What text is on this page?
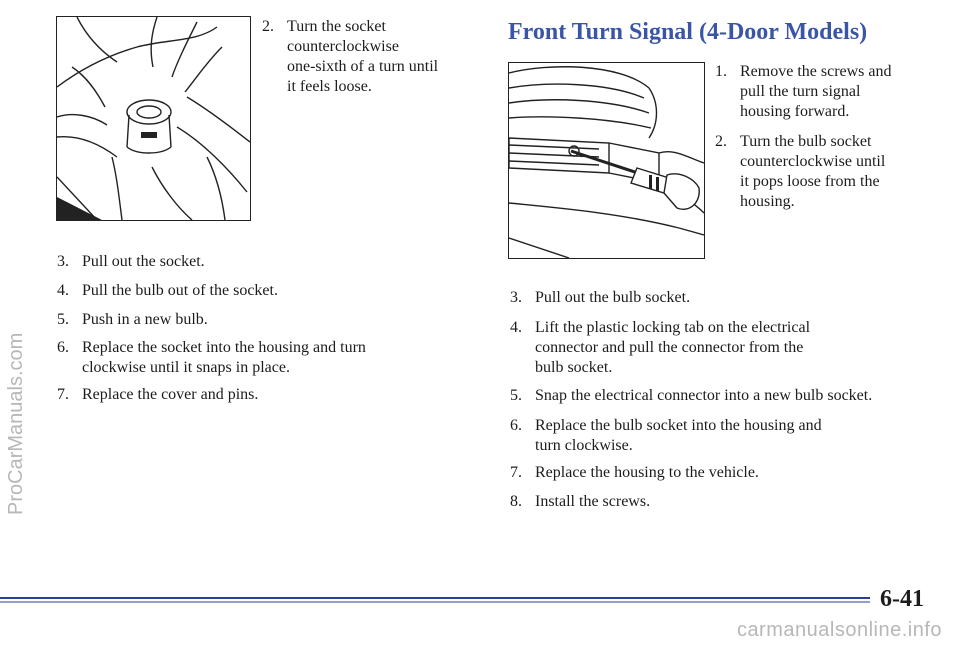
ProCarManuals.com
2. Turn the socket
counterclockwise
one-sixth of a turn until
it feels loose.
3. Pull out the socket.
4. Pull the bulb out of the socket.
5. Push in a new bulb.
6. Replace the socket into the housing and turn
clockwise until it snaps in place.
7. Replace the cover and pins.
Front Turn Signal (4-Door Models)
1. Remove the screws and
pull the turn signal
housing forward.
2. Turn the bulb socket
counterclockwise until
it pops loose from the
housing.
3. Pull out the bulb socket.
4. Lift the plastic locking tab on the electrical
connector and pull the connector from the
bulb socket.
5. Snap the electrical connector into a new bulb socket.
6. Replace the bulb socket into the housing and
turn clockwise.
7. Replace the housing to the vehicle.
8. Install the screws.
6-41
carmanualsonline.info
